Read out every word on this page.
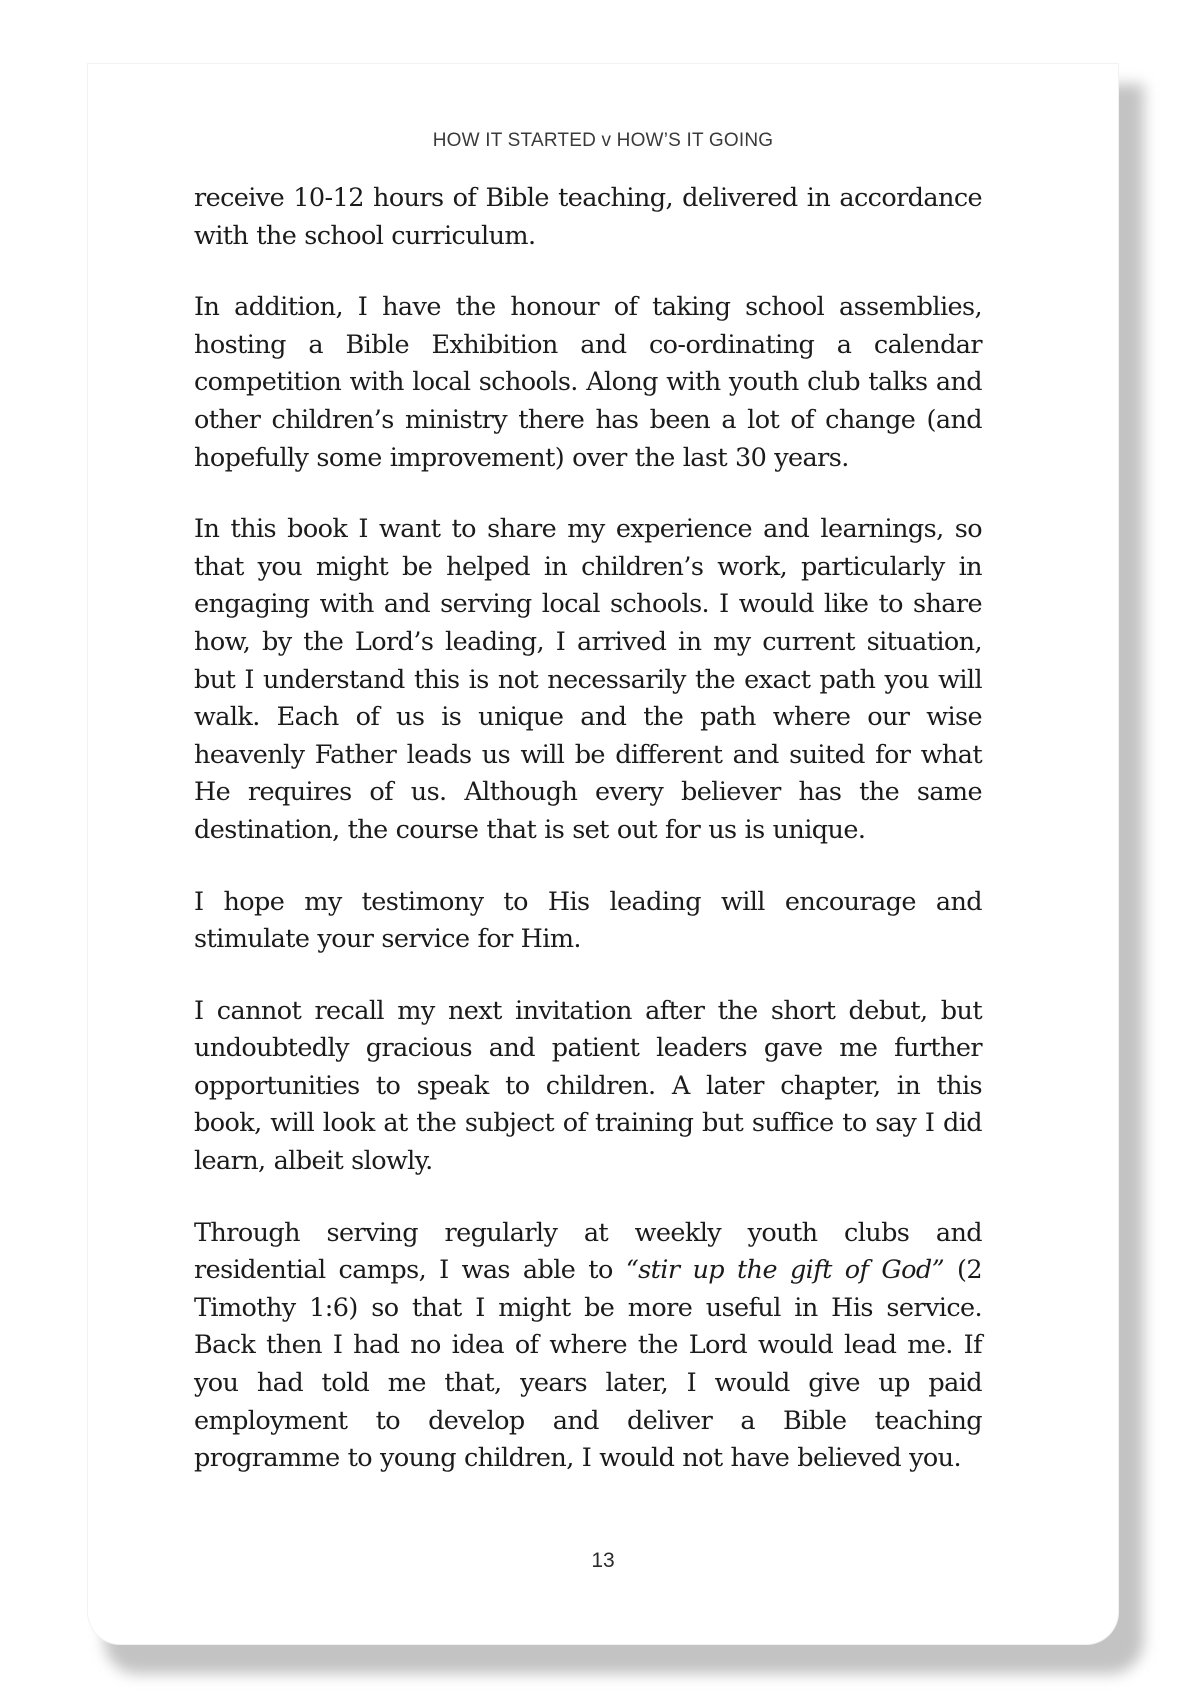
HOW IT STARTED v HOW’S IT GOING

receive 10-12 hours of Bible teaching, delivered in accordance with the school curriculum.

In addition, I have the honour of taking school assemblies, hosting a Bible Exhibition and co-ordinating a calendar competition with local schools. Along with youth club talks and other children’s ministry there has been a lot of change (and hopefully some improvement) over the last 30 years.

In this book I want to share my experience and learnings, so that you might be helped in children’s work, particularly in engaging with and serving local schools. I would like to share how, by the Lord’s leading, I arrived in my current situation, but I understand this is not necessarily the exact path you will walk. Each of us is unique and the path where our wise heavenly Father leads us will be different and suited for what He requires of us. Although every believer has the same destination, the course that is set out for us is unique.

I hope my testimony to His leading will encourage and stimulate your service for Him.

I cannot recall my next invitation after the short debut, but undoubtedly gracious and patient leaders gave me further opportunities to speak to children. A later chapter, in this book, will look at the subject of training but suffice to say I did learn, albeit slowly.

Through serving regularly at weekly youth clubs and residential camps, I was able to “stir up the gift of God” (2 Timothy 1:6) so that I might be more useful in His service. Back then I had no idea of where the Lord would lead me. If you had told me that, years later, I would give up paid employment to develop and deliver a Bible teaching programme to young children, I would not have believed you.

13
